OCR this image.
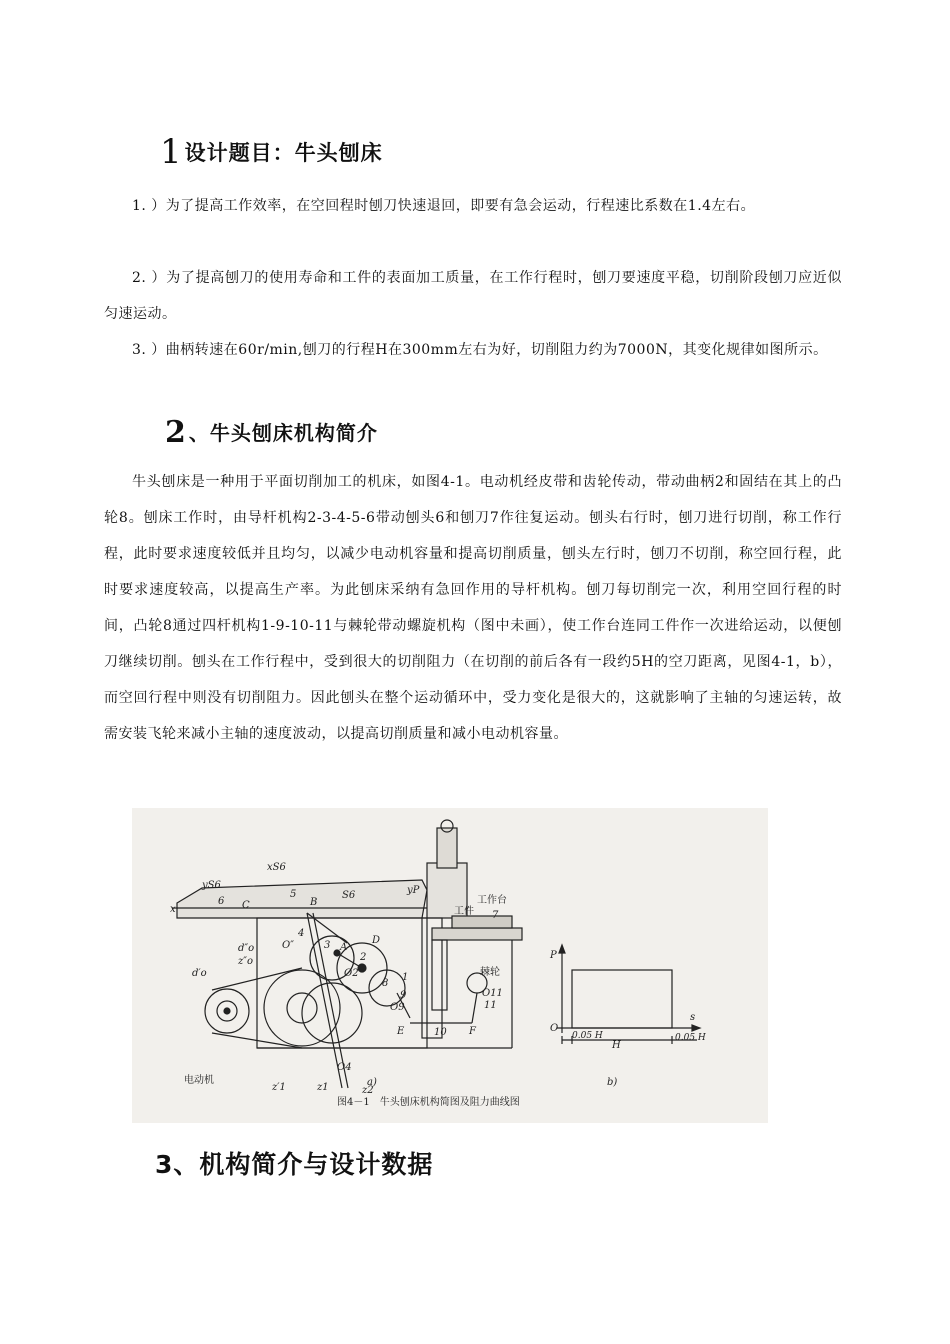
1设计题目：牛头刨床
1. ）为了提高工作效率，在空回程时刨刀快速退回，即要有急会运动，行程速比系数在1.4左右。
2. ）为了提高刨刀的使用寿命和工件的表面加工质量，在工作行程时，刨刀要速度平稳，切削阶段刨刀应近似匀速运动。
3. ）曲柄转速在60r/min,刨刀的行程H在300mm左右为好，切削阻力约为7000N，其变化规律如图所示。
2 、牛头刨床机构简介
牛头刨床是一种用于平面切削加工的机床，如图4-1。电动机经皮带和齿轮传动，带动曲柄2和固结在其上的凸轮8。刨床工作时，由导杆机构2-3-4-5-6带动刨头6和刨刀7作往复运动。刨头右行时，刨刀进行切削，称工作行程，此时要求速度较低并且均匀，以减少电动机容量和提高切削质量，刨头左行时，刨刀不切削，称空回行程，此时要求速度较高，以提高生产率。为此刨床采纳有急回作用的导杆机构。刨刀每切削完一次，利用空回行程的时间，凸轮8通过四杆机构1-9-10-11与棘轮带动螺旋机构（图中未画），使工作台连同工件作一次进给运动，以便刨刀继续切削。刨头在工作行程中，受到很大的切削阻力（在切削的前后各有一段约5H的空刀距离，见图4-1，b），而空回行程中则没有切削阻力。因此刨头在整个运动循环中，受力变化是很大的，这就影响了主轴的匀速运转，故需安装飞轮来减小主轴的速度波动，以提高切削质量和减小电动机容量。
电动机
工件
工作台
棘轮
P
s
O
H
0.05 H	0.05 H
x	C	B
A
D
E	F
6
5
4
3
2
7
8
9
10
11
1
z′1	z1	z2
xS6
yS6
S6	yP
O2
O4
O9
O11
O″
d″o
z″o
d′o
a)	b)
图4－1　牛头刨床机构简图及阻力曲线图
3、机构简介与设计数据
